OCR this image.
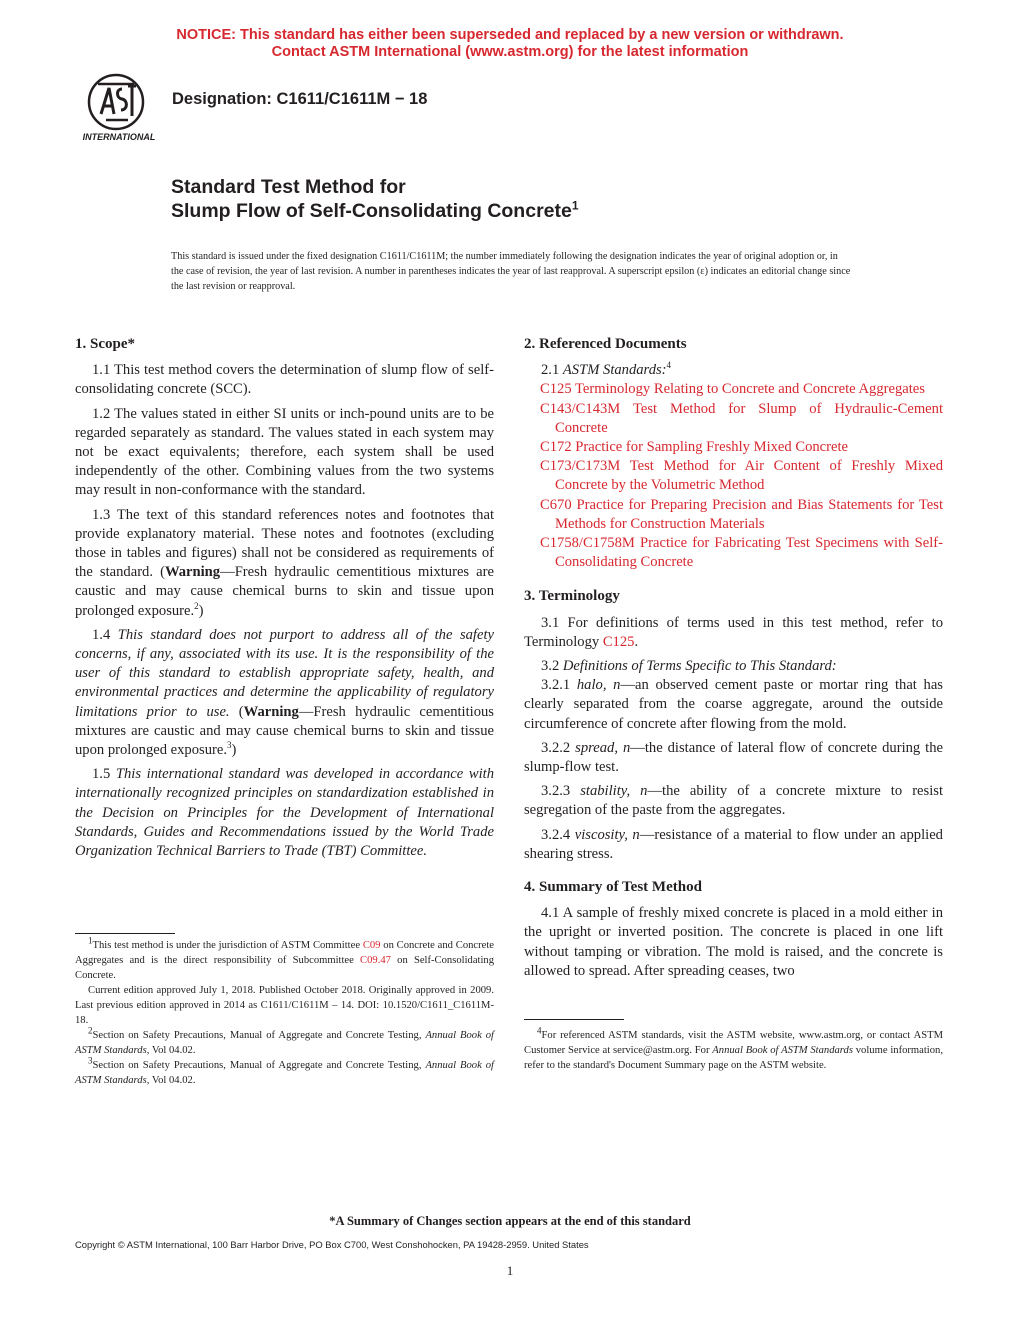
NOTICE: This standard has either been superseded and replaced by a new version or withdrawn.
Contact ASTM International (www.astm.org) for the latest information
INTERNATIONAL
Designation: C1611/C1611M − 18
Standard Test Method for
Slump Flow of Self-Consolidating Concrete$^1$
This standard is issued under the fixed designation C1611/C1611M; the number immediately following the designation indicates the year of original adoption or, in the case of revision, the year of last revision. A number in parentheses indicates the year of last reapproval. A superscript epsilon (ε) indicates an editorial change since the last revision or reapproval.
1. Scope*

1.1 This test method covers the determination of slump flow of self-consolidating concrete (SCC).

1.2 The values stated in either SI units or inch-pound units are to be regarded separately as standard. The values stated in each system may not be exact equivalents; therefore, each system shall be used independently of the other. Combining values from the two systems may result in non-conformance with the standard.

1.3 The text of this standard references notes and footnotes that provide explanatory material. These notes and footnotes (excluding those in tables and figures) shall not be considered as requirements of the standard. (Warning—Fresh hydraulic cementitious mixtures are caustic and may cause chemical burns to skin and tissue upon prolonged exposure.$^2$)

1.4 This standard does not purport to address all of the safety concerns, if any, associated with its use. It is the responsibility of the user of this standard to establish appropriate safety, health, and environmental practices and determine the applicability of regulatory limitations prior to use. (Warning—Fresh hydraulic cementitious mixtures are caustic and may cause chemical burns to skin and tissue upon prolonged exposure.$^3$)

1.5 This international standard was developed in accordance with internationally recognized principles on standardization established in the Decision on Principles for the Development of International Standards, Guides and Recommendations issued by the World Trade Organization Technical Barriers to Trade (TBT) Committee.

$^1$This test method is under the jurisdiction of ASTM Committee C09 on Concrete and Concrete Aggregates and is the direct responsibility of Subcommittee C09.47 on Self-Consolidating Concrete.

Current edition approved July 1, 2018. Published October 2018. Originally approved in 2009. Last previous edition approved in 2014 as C1611/C1611M – 14. DOI: 10.1520/C1611_C1611M-18.

$^2$Section on Safety Precautions, Manual of Aggregate and Concrete Testing, Annual Book of ASTM Standards, Vol 04.02.

$^3$Section on Safety Precautions, Manual of Aggregate and Concrete Testing, Annual Book of ASTM Standards, Vol 04.02.

2. Referenced Documents

2.1 ASTM Standards:$^4$

C125 Terminology Relating to Concrete and Concrete Aggregates

C143/C143M Test Method for Slump of Hydraulic-Cement Concrete

C172 Practice for Sampling Freshly Mixed Concrete

C173/C173M Test Method for Air Content of Freshly Mixed Concrete by the Volumetric Method

C670 Practice for Preparing Precision and Bias Statements for Test Methods for Construction Materials

C1758/C1758M Practice for Fabricating Test Specimens with Self-Consolidating Concrete

3. Terminology

3.1 For definitions of terms used in this test method, refer to Terminology C125.

3.2 Definitions of Terms Specific to This Standard:

3.2.1 halo, n—an observed cement paste or mortar ring that has clearly separated from the coarse aggregate, around the outside circumference of concrete after flowing from the mold.

3.2.2 spread, n—the distance of lateral flow of concrete during the slump-flow test.

3.2.3 stability, n—the ability of a concrete mixture to resist segregation of the paste from the aggregates.

3.2.4 viscosity, n—resistance of a material to flow under an applied shearing stress.

4. Summary of Test Method

4.1 A sample of freshly mixed concrete is placed in a mold either in the upright or inverted position. The concrete is placed in one lift without tamping or vibration. The mold is raised, and the concrete is allowed to spread. After spreading ceases, two

$^4$For referenced ASTM standards, visit the ASTM website, www.astm.org, or contact ASTM Customer Service at service@astm.org. For Annual Book of ASTM Standards volume information, refer to the standard's Document Summary page on the ASTM website.

*A Summary of Changes section appears at the end of this standard
Copyright © ASTM International, 100 Barr Harbor Drive, PO Box C700, West Conshohocken, PA 19428-2959. United States
1
